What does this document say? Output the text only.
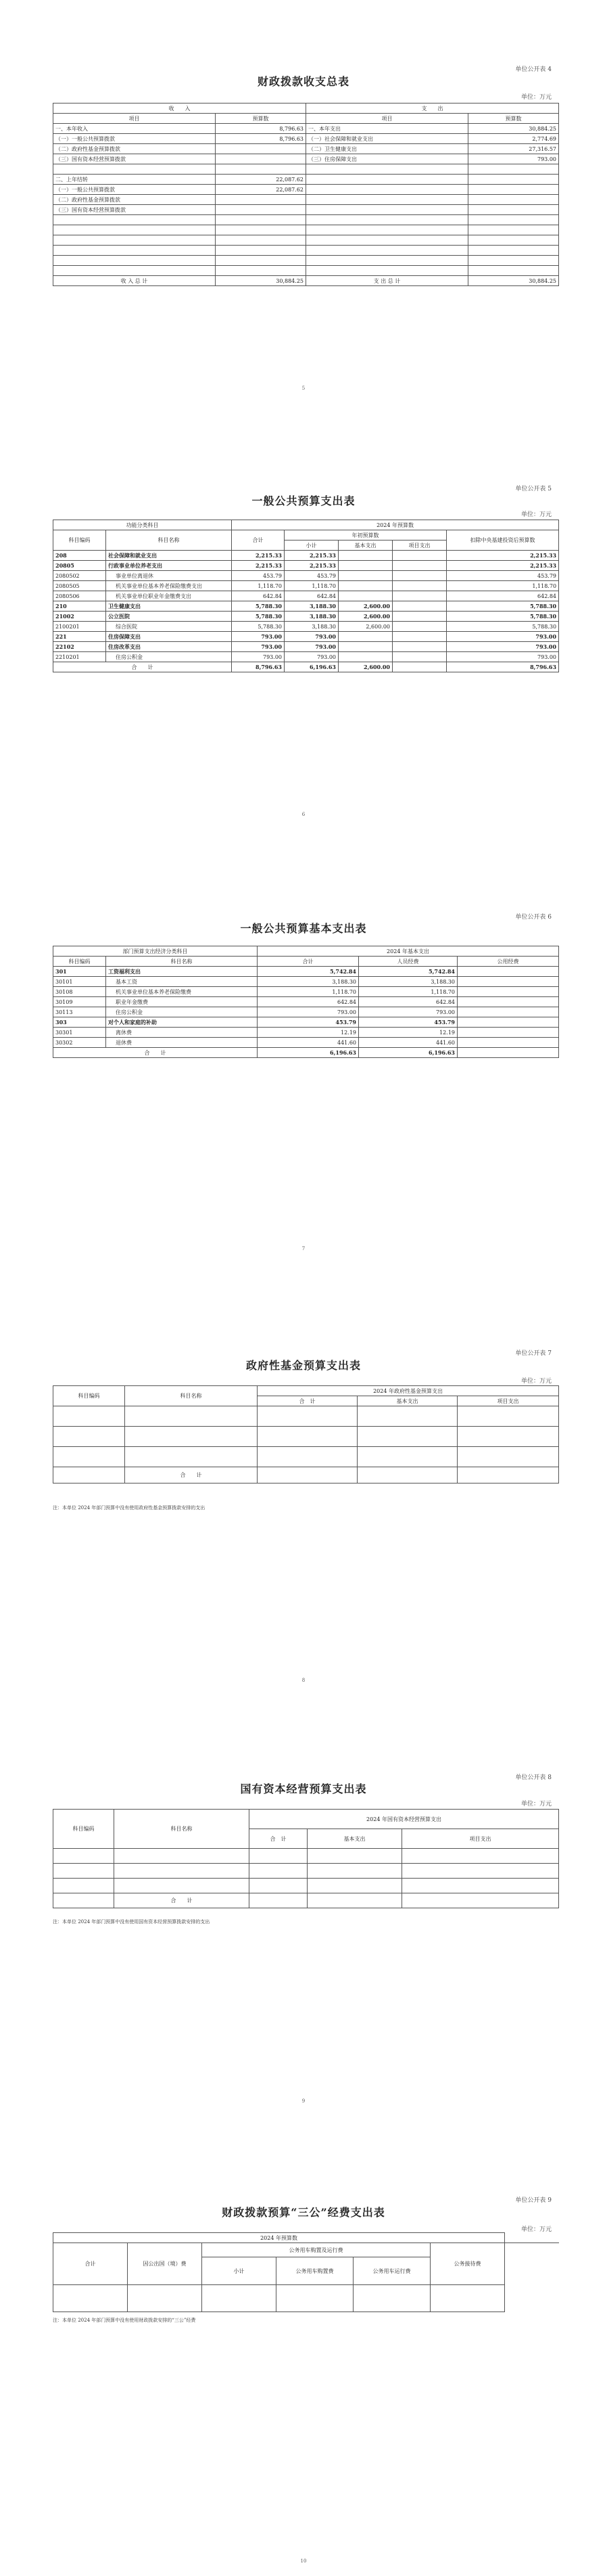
单位公开表 4
财政拨款收支总表
单位：万元
收　　入		支　　出	
项目	预算数	项目	预算数
一、本年收入	8,796.63	一、本年支出	30,884.25
（一）一般公共预算拨款	8,796.63	（一）社会保障和就业支出	2,774.69
（二）政府性基金预算拨款		（二）卫生健康支出	27,316.57
（三）国有资本经营预算拨款		（三）住房保障支出	793.00

二、上年结转	22,087.62		
（一）一般公共预算拨款	22,087.62		
（二）政府性基金预算拨款			
（三）国有资本经营预算拨款			

收 入 总 计	30,884.25	支 出 总 计	30,884.25
5
单位公开表 5
一般公共预算支出表
单位：万元
功能分类科目		2024 年预算数				
科目编码	科目名称	合计	年初预算数			扣除中央基建投资后预算数
			小计	基本支出	项目支出	
208	社会保障和就业支出	2,215.33	2,215.33			2,215.33
20805	行政事业单位养老支出	2,215.33	2,215.33			2,215.33
2080502	事业单位离退休	453.79	453.79			453.79
2080505	机关事业单位基本养老保险缴费支出	1,118.70	1,118.70			1,118.70
2080506	机关事业单位职业年金缴费支出	642.84	642.84			642.84
210	卫生健康支出	5,788.30	3,188.30	2,600.00		5,788.30
21002	公立医院	5,788.30	3,188.30	2,600.00		5,788.30
2100201	综合医院	5,788.30	3,188.30	2,600.00		5,788.30
221	住房保障支出	793.00	793.00			793.00
22102	住房改革支出	793.00	793.00			793.00
2210201	住房公积金	793.00	793.00			793.00
合　　计		8,796.63	6,196.63	2,600.00		8,796.63
6
单位公开表 6
一般公共预算基本支出表
部门预算支出经济分类科目		2024 年基本支出		
科目编码	科目名称	合计	人员经费	公用经费
301	工资福利支出	5,742.84	5,742.84	
30101	基本工资	3,188.30	3,188.30	
30108	机关事业单位基本养老保险缴费	1,118.70	1,118.70	
30109	职业年金缴费	642.84	642.84	
30113	住房公积金	793.00	793.00	
303	对个人和家庭的补助	453.79	453.79	
30301	离休费	12.19	12.19	
30302	退休费	441.60	441.60	
合　　计		6,196.63	6,196.63	
7
单位公开表 7
政府性基金预算支出表
单位：万元
科目编码	科目名称	2024 年政府性基金预算支出		
		合　计	基本支出	项目支出

	合　　计			
注：本单位 2024 年部门预算中没有使用政府性基金预算拨款安排的支出
8
单位公开表 8
国有资本经营预算支出表
单位：万元
科目编码	科目名称	2024 年国有资本经营预算支出		
		合　计	基本支出	项目支出

	合　　计			
注：本单位 2024 年部门预算中没有使用国有资本经营预算拨款安排的支出
9
单位公开表 9
财政拨款预算“三公”经费支出表
单位：万元
2024 年预算数						
合计	因公出国（境）费	公务用车购置及运行费			公务接待费	
		小计	公务用车购置费	公务用车运行费		

注：本单位 2024 年部门预算中没有使用财政拨款安排的“三公”经费
10
